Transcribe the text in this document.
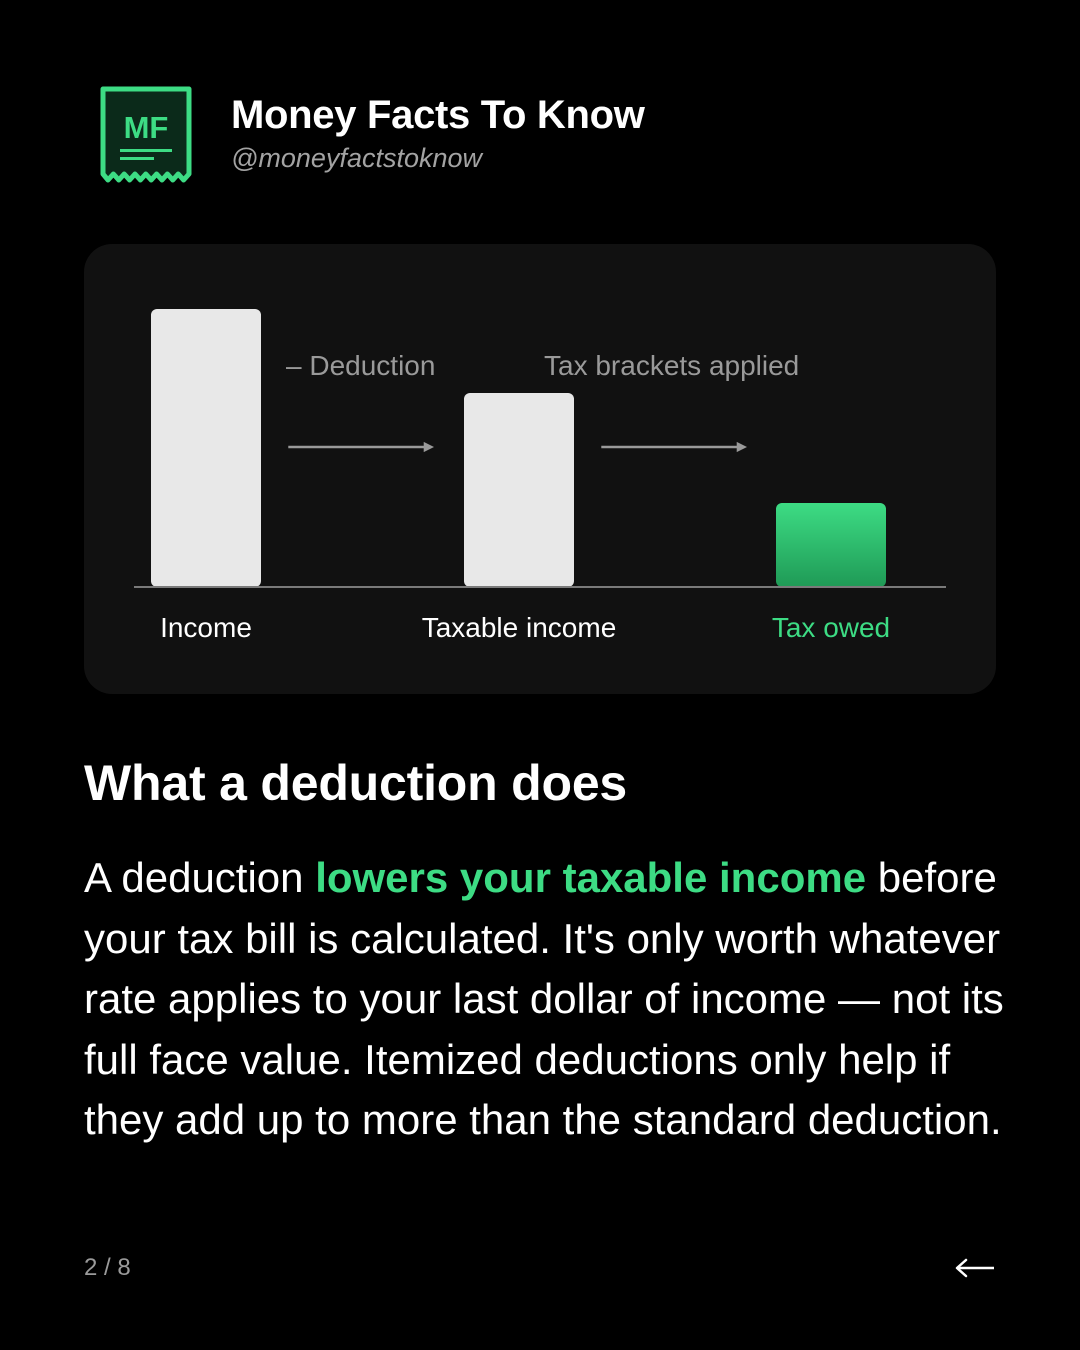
MF Money Facts To Know
@moneyfactstoknow
– Deduction	Tax brackets applied
Income	Taxable income	Tax owed
What a deduction does

A deduction lowers your taxable income before your tax bill is calculated. It's only worth whatever rate applies to your last dollar of income — not its full face value. Itemized deductions only help if they add up to more than the standard deduction.

2 / 8
